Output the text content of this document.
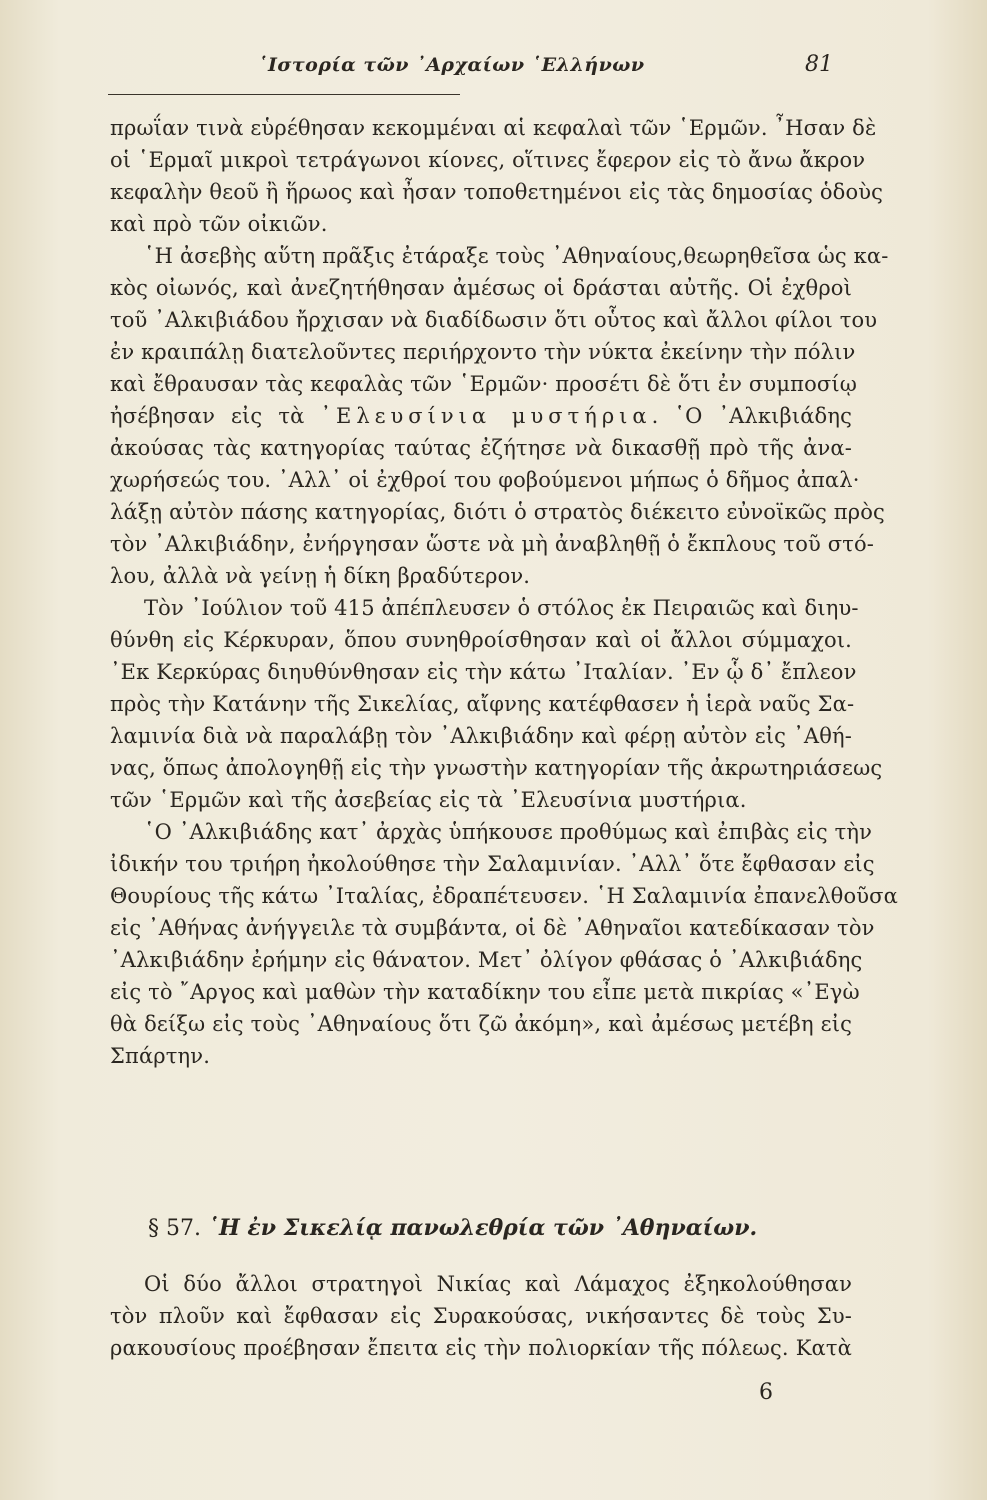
῾Ιστορία τῶν ᾿Αρχαίων ῾Ελλήνων	81
πρωΐαν τινὰ εὑρέθησαν κεκομμέναι αἱ κεφαλαὶ τῶν ῾Ερμῶν. ῏Ησαν δὲ
οἱ ῾Ερμαῖ μικροὶ τετράγωνοι κίονες, οἵτινες ἔφερον εἰς τὸ ἄνω ἄκρον
κεφαλὴν θεοῦ ἢ ἥρωος καὶ ἦσαν τοποθετημένοι εἰς τὰς δημοσίας ὁδοὺς
καὶ πρὸ τῶν οἰκιῶν.
῾Η ἀσεβὴς αὕτη πρᾶξις ἐτάραξε τοὺς ᾿Αθηναίους,θεωρηθεῖσα ὡς κα-
κὸς οἰωνός, καὶ ἀνεζητήθησαν ἀμέσως οἱ δράσται αὐτῆς. Οἱ ἐχθροὶ
τοῦ ᾿Αλκιβιάδου ἤρχισαν νὰ διαδίδωσιν ὅτι οὗτος καὶ ἄλλοι φίλοι του
ἐν κραιπάλῃ διατελοῦντες περιήρχοντο τὴν νύκτα ἐκείνην τὴν πόλιν
καὶ ἔθραυσαν τὰς κεφαλὰς τῶν ῾Ερμῶν· προσέτι δὲ ὅτι ἐν συμποσίῳ
ἠσέβησαν εἰς τὰ ᾿Ελευσίνια μυστήρια. ῾Ο ᾿Αλκιβιάδης
ἀκούσας τὰς κατηγορίας ταύτας ἐζήτησε νὰ δικασθῇ πρὸ τῆς ἀνα-
χωρήσεώς του. ᾿Αλλ᾿ οἱ ἐχθροί του φοβούμενοι μήπως ὁ δῆμος ἀπαλ·
λάξῃ αὐτὸν πάσης κατηγορίας, διότι ὁ στρατὸς διέκειτο εὐνοϊκῶς πρὸς
τὸν ᾿Αλκιβιάδην, ἐνήργησαν ὥστε νὰ μὴ ἀναβληθῇ ὁ ἔκπλους τοῦ στό-
λου, ἀλλὰ νὰ γείνῃ ἡ δίκη βραδύτερον.
Τὸν ᾿Ιούλιον τοῦ 415 ἀπέπλευσεν ὁ στόλος ἐκ Πειραιῶς καὶ διηυ-
θύνθη εἰς Κέρκυραν, ὅπου συνηθροίσθησαν καὶ οἱ ἄλλοι σύμμαχοι.
᾿Εκ Κερκύρας διηυθύνθησαν εἰς τὴν κάτω ᾿Ιταλίαν. ᾿Εν ᾧ δ᾿ ἔπλεον
πρὸς τὴν Κατάνην τῆς Σικελίας, αἴφνης κατέφθασεν ἡ ἱερὰ ναῦς Σα-
λαμινία διὰ νὰ παραλάβῃ τὸν ᾿Αλκιβιάδην καὶ φέρῃ αὐτὸν εἰς ᾿Αθή-
νας, ὅπως ἀπολογηθῇ εἰς τὴν γνωστὴν κατηγορίαν τῆς ἀκρωτηριάσεως
τῶν ῾Ερμῶν καὶ τῆς ἀσεβείας εἰς τὰ ᾿Ελευσίνια μυστήρια.
῾Ο ᾿Αλκιβιάδης κατ᾿ ἀρχὰς ὑπήκουσε προθύμως καὶ ἐπιβὰς εἰς τὴν
ἰδικήν του τριήρη ἠκολούθησε τὴν Σαλαμινίαν. ᾿Αλλ᾿ ὅτε ἔφθασαν εἰς
Θουρίους τῆς κάτω ᾿Ιταλίας, ἐδραπέτευσεν. ῾Η Σαλαμινία ἐπανελθοῦσα
εἰς ᾿Αθήνας ἀνήγγειλε τὰ συμβάντα, οἱ δὲ ᾿Αθηναῖοι κατεδίκασαν τὸν
᾿Αλκιβιάδην ἐρήμην εἰς θάνατον. Μετ᾿ ὀλίγον φθάσας ὁ ᾿Αλκιβιάδης
εἰς τὸ ῎Αργος καὶ μαθὼν τὴν καταδίκην του εἶπε μετὰ πικρίας «᾿Εγὼ
θὰ δείξω εἰς τοὺς ᾿Αθηναίους ὅτι ζῶ ἀκόμη», καὶ ἀμέσως μετέβη εἰς
Σπάρτην.
§ 57. ῾Η ἐν Σικελίᾳ πανωλεθρία τῶν ᾿Αθηναίων.
Οἱ δύο ἄλλοι στρατηγοὶ Νικίας καὶ Λάμαχος ἐξηκολούθησαν
τὸν πλοῦν καὶ ἔφθασαν εἰς Συρακούσας, νικήσαντες δὲ τοὺς Συ-
ρακουσίους προέβησαν ἔπειτα εἰς τὴν πολιορκίαν τῆς πόλεως. Κατὰ
6
